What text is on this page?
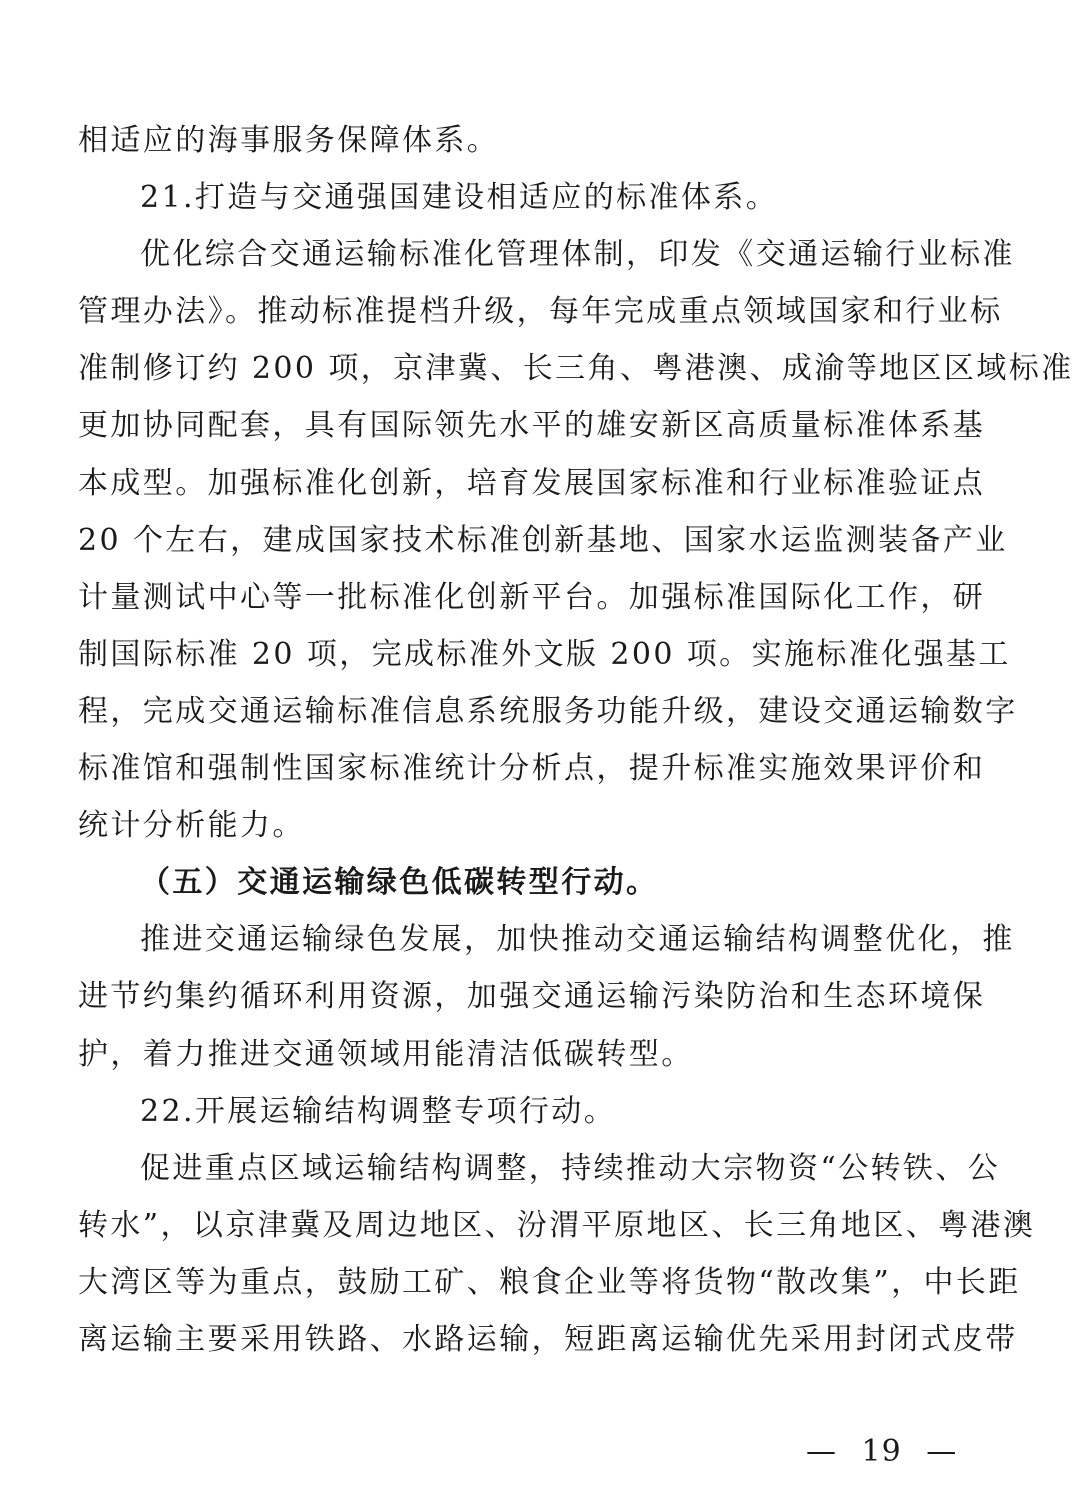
相适应的海事服务保障体系。
21.打造与交通强国建设相适应的标准体系。
优化综合交通运输标准化管理体制，印发《交通运输行业标准
管理办法》。推动标准提档升级，每年完成重点领域国家和行业标
准制修订约 200 项，京津冀、长三角、粤港澳、成渝等地区区域标准
更加协同配套，具有国际领先水平的雄安新区高质量标准体系基
本成型。加强标准化创新，培育发展国家标准和行业标准验证点
20 个左右，建成国家技术标准创新基地、国家水运监测装备产业
计量测试中心等一批标准化创新平台。加强标准国际化工作，研
制国际标准 20 项，完成标准外文版 200 项。实施标准化强基工
程，完成交通运输标准信息系统服务功能升级，建设交通运输数字
标准馆和强制性国家标准统计分析点，提升标准实施效果评价和
统计分析能力。
（五）交通运输绿色低碳转型行动。
推进交通运输绿色发展，加快推动交通运输结构调整优化，推
进节约集约循环利用资源，加强交通运输污染防治和生态环境保
护，着力推进交通领域用能清洁低碳转型。
22.开展运输结构调整专项行动。
促进重点区域运输结构调整，持续推动大宗物资“公转铁、公
转水”，以京津冀及周边地区、汾渭平原地区、长三角地区、粤港澳
大湾区等为重点，鼓励工矿、粮食企业等将货物“散改集”，中长距
离运输主要采用铁路、水路运输，短距离运输优先采用封闭式皮带
— 19 —
